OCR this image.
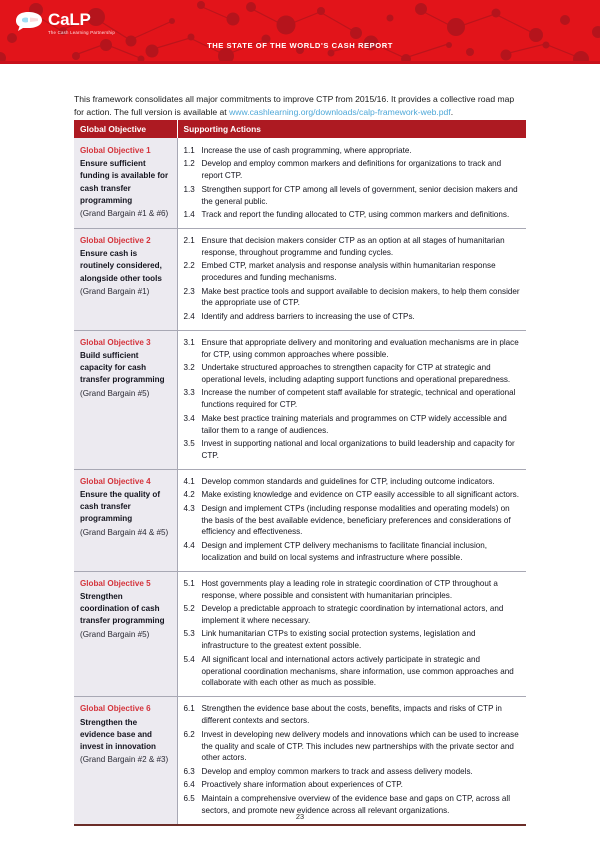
CaLP
The Cash Learning Partnership
THE STATE OF THE WORLD'S CASH REPORT

This framework consolidates all major commitments to improve CTP from 2015/16. It provides a collective road map for action. The full version is available at www.cashlearning.org/downloads/calp-framework-web.pdf.

Global Objective	Supporting Actions

Global Objective 1
Ensure sufficient funding is available for cash transfer programming
(Grand Bargain #1 & #6)

1.1 Increase the use of cash programming, where appropriate.
1.2 Develop and employ common markers and definitions for organizations to track and report CTP.
1.3 Strengthen support for CTP among all levels of government, senior decision makers and the general public.
1.4 Track and report the funding allocated to CTP, using common markers and definitions.

Global Objective 2
Ensure cash is routinely considered, alongside other tools
(Grand Bargain #1)

2.1 Ensure that decision makers consider CTP as an option at all stages of humanitarian response, throughout programme and funding cycles.
2.2 Embed CTP, market analysis and response analysis within humanitarian response procedures and funding mechanisms.
2.3 Make best practice tools and support available to decision makers, to help them consider the appropriate use of CTP.
2.4 Identify and address barriers to increasing the use of CTPs.

Global Objective 3
Build sufficient capacity for cash transfer programming
(Grand Bargain #5)

3.1 Ensure that appropriate delivery and monitoring and evaluation mechanisms are in place for CTP, using common approaches where possible.
3.2 Undertake structured approaches to strengthen capacity for CTP at strategic and operational levels, including adapting support functions and operational preparedness.
3.3 Increase the number of competent staff available for strategic, technical and operational functions required for CTP.
3.4 Make best practice training materials and programmes on CTP widely accessible and tailor them to a range of audiences.
3.5 Invest in supporting national and local organizations to build leadership and capacity for CTP.

Global Objective 4
Ensure the quality of cash transfer programming
(Grand Bargain #4 & #5)

4.1 Develop common standards and guidelines for CTP, including outcome indicators.
4.2 Make existing knowledge and evidence on CTP easily accessible to all significant actors.
4.3 Design and implement CTPs (including response modalities and operating models) on the basis of the best available evidence, beneficiary preferences and considerations of efficiency and effectiveness.
4.4 Design and implement CTP delivery mechanisms to facilitate financial inclusion, localization and build on local systems and infrastructure where possible.

Global Objective 5
Strengthen coordination of cash transfer programming
(Grand Bargain #5)

5.1 Host governments play a leading role in strategic coordination of CTP throughout a response, where possible and consistent with humanitarian principles.
5.2 Develop a predictable approach to strategic coordination by international actors, and implement it where necessary.
5.3 Link humanitarian CTPs to existing social protection systems, legislation and infrastructure to the greatest extent possible.
5.4 All significant local and international actors actively participate in strategic and operational coordination mechanisms, share information, use common approaches and collaborate with each other as much as possible.

Global Objective 6
Strengthen the evidence base and invest in innovation
(Grand Bargain #2 & #3)

6.1 Strengthen the evidence base about the costs, benefits, impacts and risks of CTP in different contexts and sectors.
6.2 Invest in developing new delivery models and innovations which can be used to increase the quality and scale of CTP. This includes new partnerships with the private sector and other actors.
6.3 Develop and employ common markers to track and assess delivery models.
6.4 Proactively share information about experiences of CTP.
6.5 Maintain a comprehensive overview of the evidence base and gaps on CTP, across all sectors, and promote new evidence across all relevant organizations.
23
